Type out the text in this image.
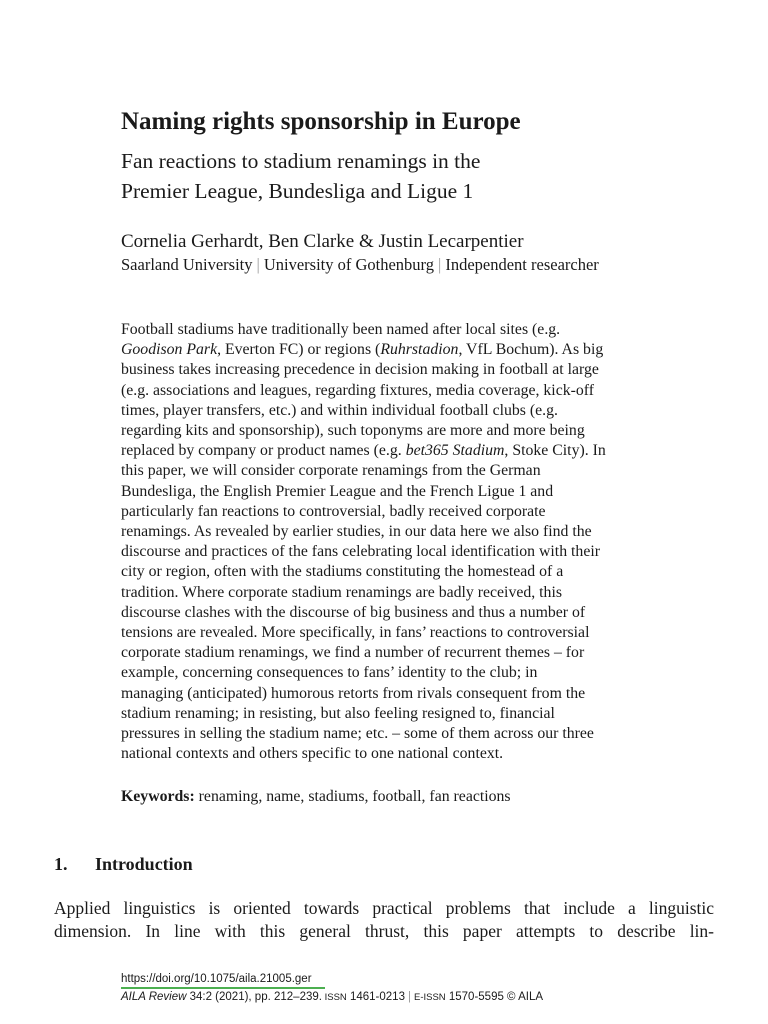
Naming rights sponsorship in Europe
Fan reactions to stadium renamings in the
Premier League, Bundesliga and Ligue 1
Cornelia Gerhardt, Ben Clarke & Justin Lecarpentier
Saarland University | University of Gothenburg | Independent researcher
Football stadiums have traditionally been named after local sites (e.g.
Goodison Park, Everton FC) or regions (Ruhrstadion, VfL Bochum). As big
business takes increasing precedence in decision making in football at large
(e.g. associations and leagues, regarding fixtures, media coverage, kick-off
times, player transfers, etc.) and within individual football clubs (e.g.
regarding kits and sponsorship), such toponyms are more and more being
replaced by company or product names (e.g. bet365 Stadium, Stoke City). In
this paper, we will consider corporate renamings from the German
Bundesliga, the English Premier League and the French Ligue 1 and
particularly fan reactions to controversial, badly received corporate
renamings. As revealed by earlier studies, in our data here we also find the
discourse and practices of the fans celebrating local identification with their
city or region, often with the stadiums constituting the homestead of a
tradition. Where corporate stadium renamings are badly received, this
discourse clashes with the discourse of big business and thus a number of
tensions are revealed. More specifically, in fans’ reactions to controversial
corporate stadium renamings, we find a number of recurrent themes – for
example, concerning consequences to fans’ identity to the club; in
managing (anticipated) humorous retorts from rivals consequent from the
stadium renaming; in resisting, but also feeling resigned to, financial
pressures in selling the stadium name; etc. – some of them across our three
national contexts and others specific to one national context.
Keywords: renaming, name, stadiums, football, fan reactions
1. Introduction
Applied linguistics is oriented towards practical problems that include a linguistic
dimension. In line with this general thrust, this paper attempts to describe lin-
https://doi.org/10.1075/aila.21005.ger
AILA Review 34:2 (2021), pp. 212–239. ISSN 1461-0213 | E-ISSN 1570-5595 © AILA
